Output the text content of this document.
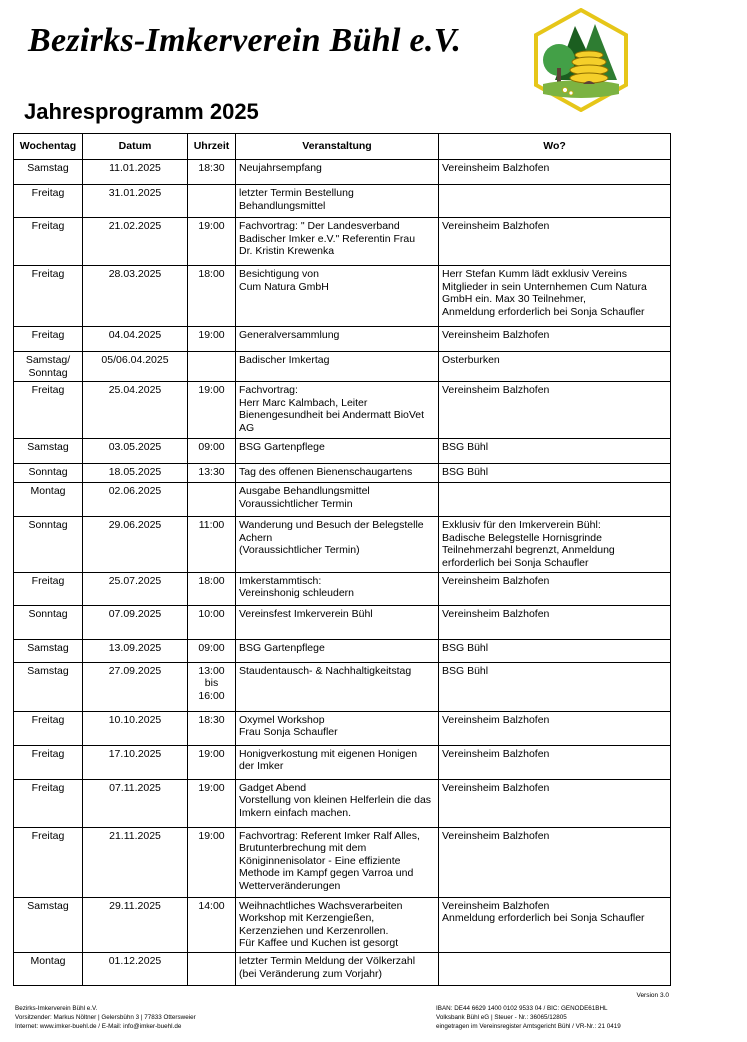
Bezirks-Imkerverein Bühl e.V.
Jahresprogramm 2025
Wochentag	Datum	Uhrzeit	Veranstaltung	Wo?

Samstag	11.01.2025	18:30	Neujahrsempfang	Vereinsheim Balzhofen

Freitag	31.01.2025		letzter Termin Bestellung
Behandlungsmittel	

Freitag	21.02.2025	19:00	Fachvortrag: " Der Landesverband
Badischer Imker e.V." Referentin Frau
Dr. Kristin Krewenka	Vereinsheim Balzhofen

Freitag	28.03.2025	18:00	Besichtigung von
Cum Natura GmbH	Herr Stefan Kumm lädt exklusiv Vereins
Mitglieder in sein Unternhemen Cum Natura
GmbH ein. Max 30 Teilnehmer,
Anmeldung erforderlich bei Sonja Schaufler

Freitag	04.04.2025	19:00	Generalversammlung	Vereinsheim Balzhofen

Samstag/
Sonntag	05/06.04.2025		Badischer Imkertag	Osterburken

Freitag	25.04.2025	19:00	Fachvortrag:
Herr Marc Kalmbach, Leiter
Bienengesundheit bei Andermatt BioVet
AG	Vereinsheim Balzhofen

Samstag	03.05.2025	09:00	BSG Gartenpflege	BSG Bühl

Sonntag	18.05.2025	13:30	Tag des offenen Bienenschaugartens	BSG Bühl

Montag	02.06.2025		Ausgabe Behandlungsmittel
Voraussichtlicher Termin	

Sonntag	29.06.2025	11:00	Wanderung und Besuch der Belegstelle
Achern
(Voraussichtlicher Termin)	Exklusiv für den Imkerverein Bühl:
Badische Belegstelle Hornisgrinde
Teilnehmerzahl begrenzt, Anmeldung
erforderlich bei Sonja Schaufler

Freitag	25.07.2025	18:00	Imkerstammtisch:
Vereinshonig schleudern	Vereinsheim Balzhofen

Sonntag	07.09.2025	10:00	Vereinsfest Imkerverein Bühl	Vereinsheim Balzhofen

Samstag	13.09.2025	09:00	BSG Gartenpflege	BSG Bühl

Samstag	27.09.2025	13:00
bis
16:00	Staudentausch- & Nachhaltigkeitstag	BSG Bühl

Freitag	10.10.2025	18:30	Oxymel Workshop
Frau Sonja Schaufler	Vereinsheim Balzhofen

Freitag	17.10.2025	19:00	Honigverkostung mit eigenen Honigen
der Imker	Vereinsheim Balzhofen

Freitag	07.11.2025	19:00	Gadget Abend
Vorstellung von kleinen Helferlein die das
Imkern einfach machen.	Vereinsheim Balzhofen

Freitag	21.11.2025	19:00	Fachvortrag: Referent Imker Ralf Alles,
Brutunterbrechung mit dem
Königinnenisolator - Eine effiziente
Methode im Kampf gegen Varroa und
Wetterveränderungen	Vereinsheim Balzhofen

Samstag	29.11.2025	14:00	Weihnachtliches Wachsverarbeiten
Workshop mit Kerzengießen,
Kerzenziehen und Kerzenrollen.
Für Kaffee und Kuchen ist gesorgt	Vereinsheim Balzhofen
Anmeldung erforderlich bei Sonja Schaufler

Montag	01.12.2025		letzter Termin Meldung der Völkerzahl
(bei Veränderung zum Vorjahr)	

Version 3.0
Bezirks-Imkerverein Bühl e.V.
Vorsitzender: Markus Nöltner | Gelersbühn 3 | 77833 Ottersweier
Internet: www.imker-buehl.de / E-Mail: info@imker-buehl.de
IBAN: DE44 6629 1400 0102 9533 04 / BIC: GENODE61BHL
Volksbank Bühl eG | Steuer - Nr.: 36065/12805
eingetragen im Vereinsregister Amtsgericht Bühl / VR-Nr.: 21 0419
